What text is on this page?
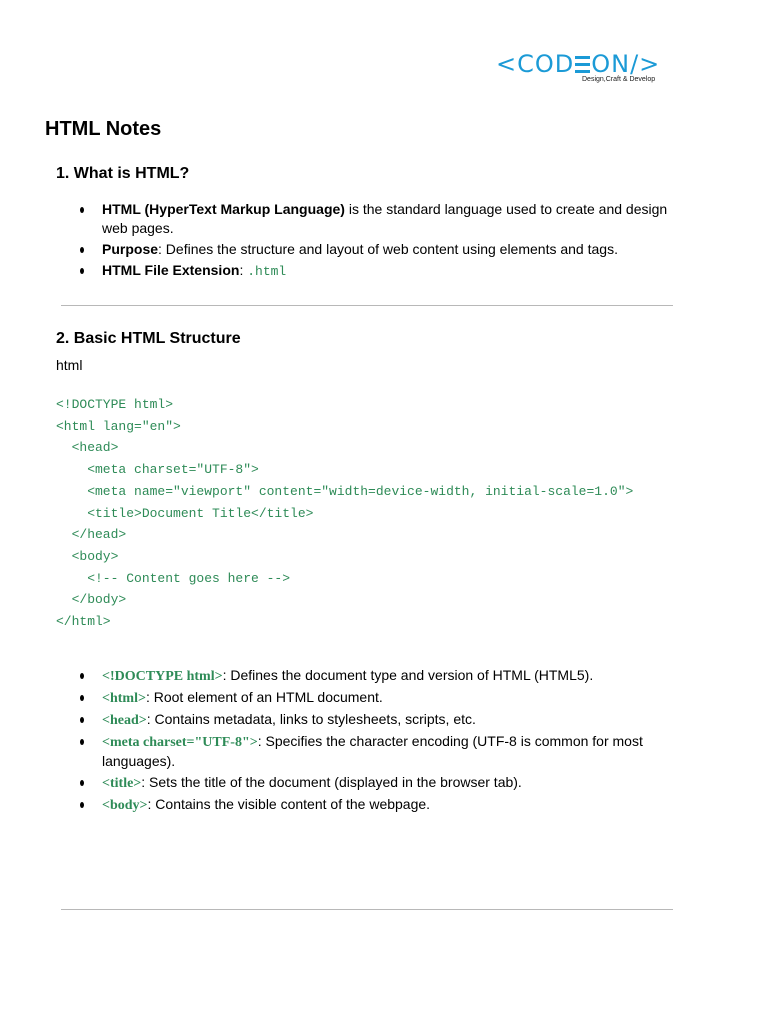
<COD ON/>
Design,Craft & Develop
HTML Notes
1. What is HTML?
HTML (HyperText Markup Language) is the standard language used to create and design web pages.
Purpose: Defines the structure and layout of web content using elements and tags.
HTML File Extension: .html
2. Basic HTML Structure
html
<!DOCTYPE html>
<html lang="en">
<head>
<meta charset="UTF-8">
<meta name="viewport" content="width=device-width, initial-scale=1.0">
<title>Document Title</title>
</head>
<body>
<!-- Content goes here -->
</body>
</html>
<!DOCTYPE html>: Defines the document type and version of HTML (HTML5).
<html>: Root element of an HTML document.
<head>: Contains metadata, links to stylesheets, scripts, etc.
<meta charset="UTF-8">: Specifies the character encoding (UTF-8 is common for most languages).
<title>: Sets the title of the document (displayed in the browser tab).
<body>: Contains the visible content of the webpage.
